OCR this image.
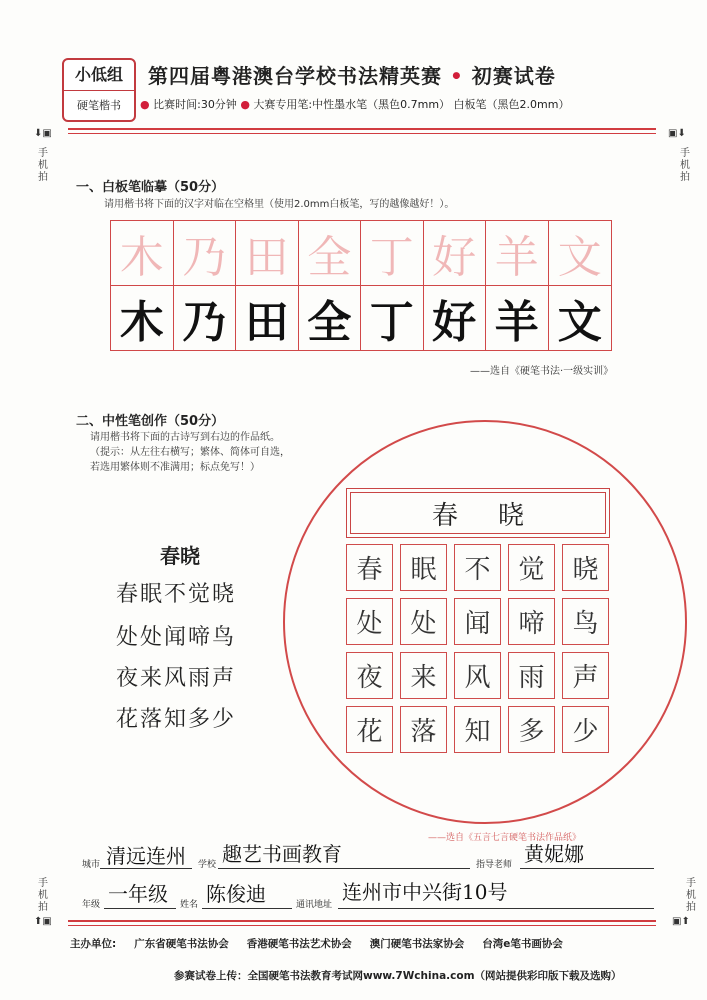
小低组
硬笔楷书
第四届粤港澳台学校书法精英赛 • 初赛试卷
● 比赛时间:30分钟 ● 大赛专用笔:中性墨水笔（黑色0.7mm） 白板笔（黑色2.0mm）
⬇▣
手机拍
▣⬇
手机拍
手机拍
⬆▣
手机拍
▣⬆
一、白板笔临摹（50分）
请用楷书将下面的汉字对临在空格里（使用2.0mm白板笔，写的越像越好！）。
木 乃 田 全 丁 好 羊 文
木 乃 田 全 丁 好 羊 文
——选自《硬笔书法·一级实训》
二、中性笔创作（50分）
请用楷书将下面的古诗写到右边的作品纸。
（提示：从左往右横写；繁体、简体可自选，
若选用繁体则不准满用；标点免写！）
春晓
春眠不觉晓
处处闻啼鸟
夜来风雨声
花落知多少
春晓
春	眠	不	觉	晓
处	处	闻	啼	鸟
夜	来	风	雨	声
花	落	知	多	少
——选自《五言七言硬笔书法作品纸》
城市 清远连州 学校 趣艺书画教育	指导老师 黄妮娜
年级 一年级 姓名 陈俊迪	通讯地址
连州市中兴街10号
主办单位: 广东省硬笔书法协会 香港硬笔书法艺术协会 澳门硬笔书法家协会 台湾e笔书画协会
参赛试卷上传：全国硬笔书法教育考试网www.7Wchina.com（网站提供彩印版下载及选购）
